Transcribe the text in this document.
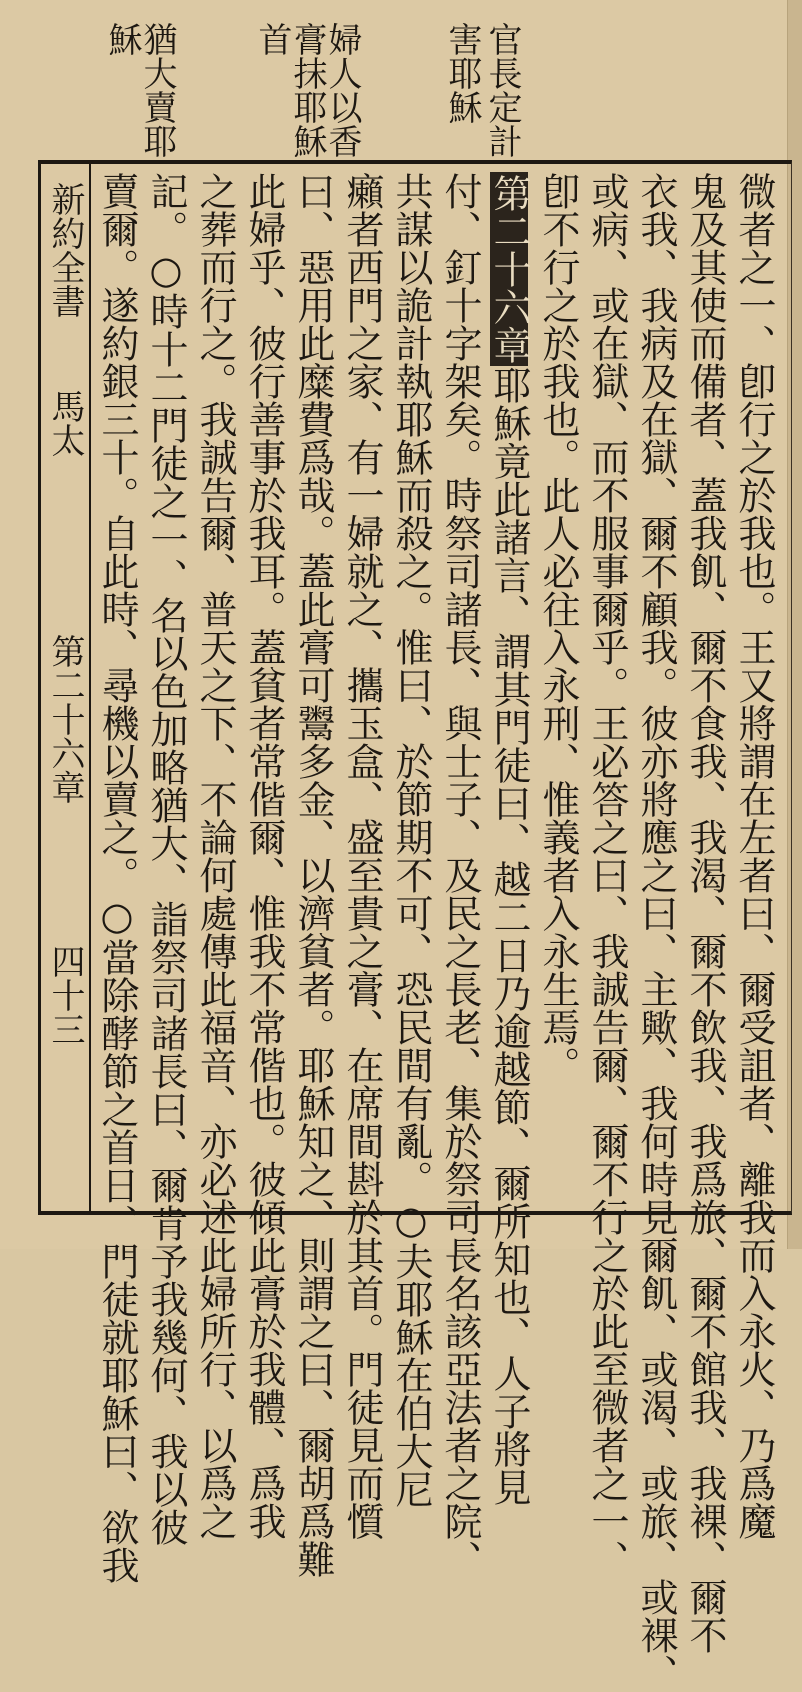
官長定計
害耶穌
婦人以香
膏抹耶穌
首
猶大賣耶
穌
新約全書
馬太
第二十六章
四十三	微者之一、卽行之於我也。王又將謂在左者曰、爾受詛者、離我而入永火、乃爲魔
鬼及其使而備者、蓋我飢、爾不食我、我渴、爾不飲我、我爲旅、爾不館我、我裸、爾不
衣我、我病及在獄、爾不顧我。彼亦將應之曰、主歟、我何時見爾飢、或渴、或旅、或裸、
或病、或在獄、而不服事爾乎。王必答之曰、我誠告爾、爾不行之於此至微者之一、
卽不行之於我也。此人必往入永刑、惟義者入永生焉。
第二十六章耶穌竟此諸言、謂其門徒曰、越二日乃逾越節、爾所知也、人子將見
付、釘十字架矣。時祭司諸長、與士子、及民之長老、集於祭司長名該亞法者之院、
共謀以詭計執耶穌而殺之。惟曰、於節期不可、恐民間有亂。○夫耶穌在伯大尼
癩者西門之家、有一婦就之、攜玉盒、盛至貴之膏、在席間斟於其首。門徒見而懫
曰、惡用此糜費爲哉。蓋此膏可鬻多金、以濟貧者。耶穌知之、則謂之曰、爾胡爲難
此婦乎、彼行善事於我耳。蓋貧者常偕爾、惟我不常偕也。彼傾此膏於我體、爲我
之葬而行之。我誠告爾、普天之下、不論何處傳此福音、亦必述此婦所行、以爲之
記。○時十二門徒之一、名以色加略猶大、詣祭司諸長曰、爾肯予我幾何、我以彼
賣爾。遂約銀三十。自此時、尋機以賣之。○當除酵節之首日、門徒就耶穌曰、欲我
